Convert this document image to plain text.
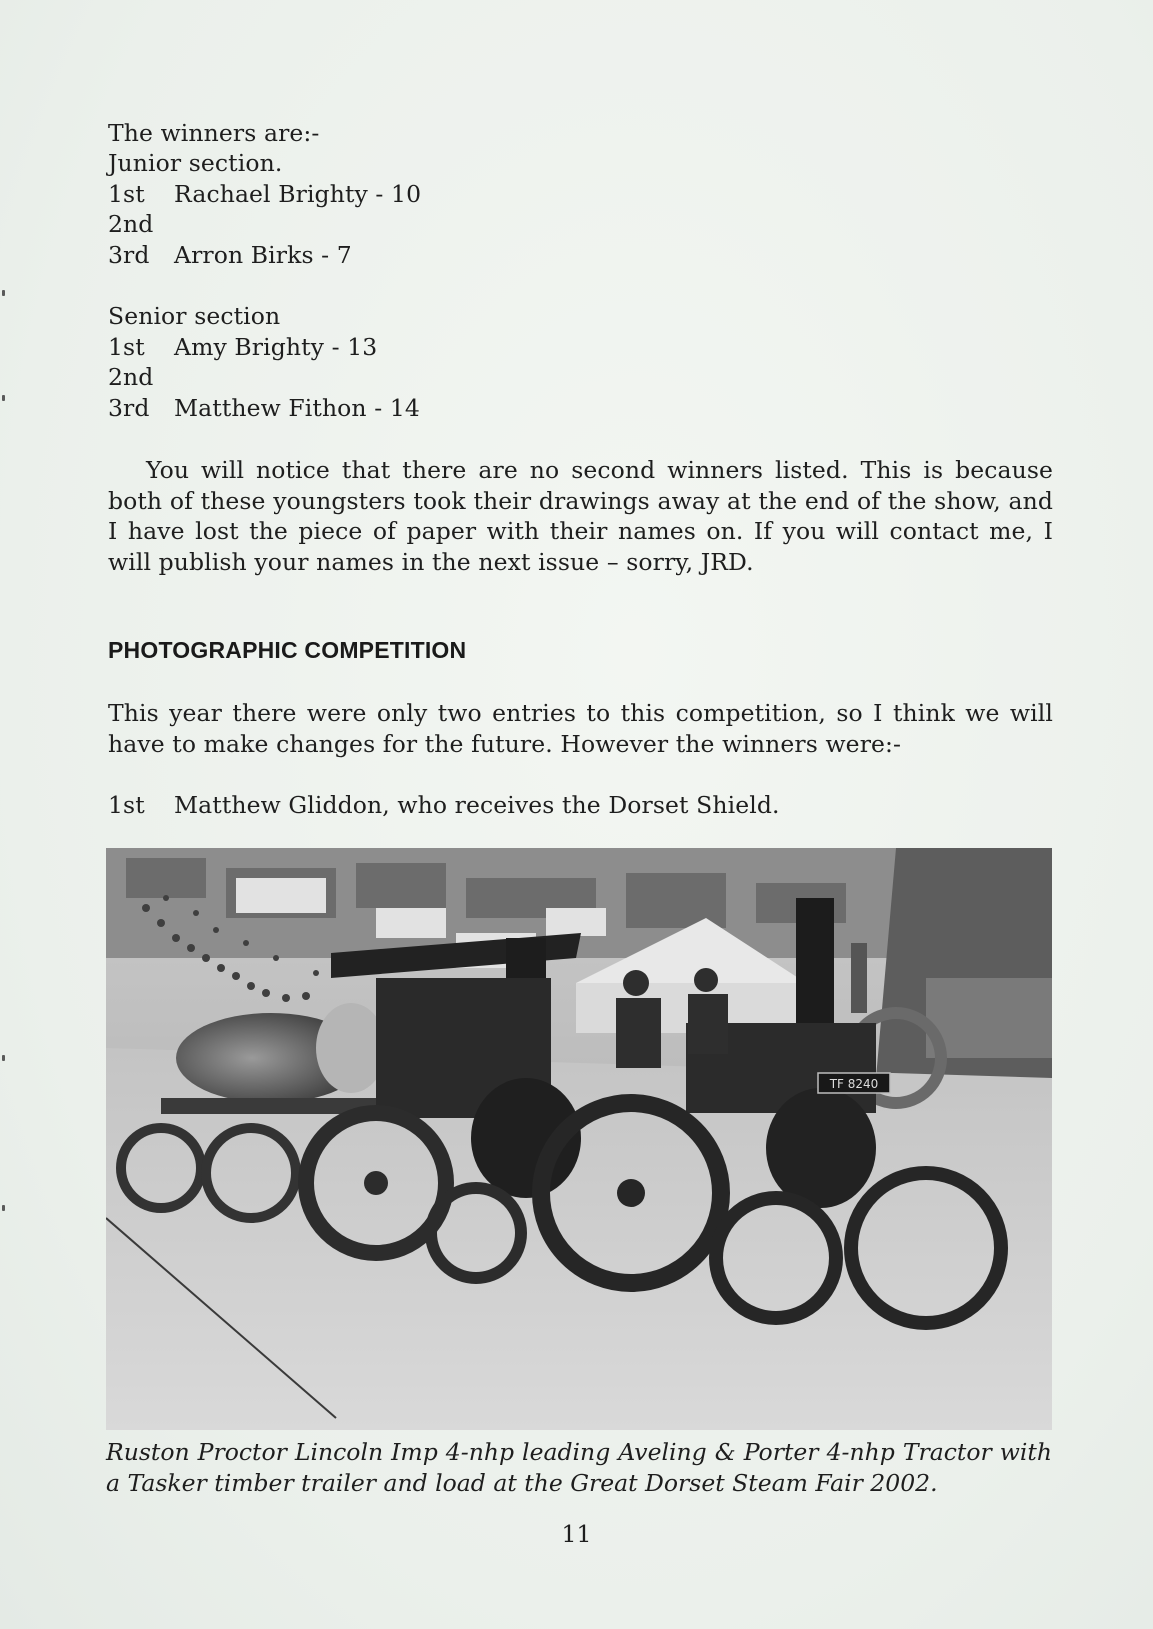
The winners are:-
Junior section.
1st	Rachael Brighty - 10
2nd
3rd	Arron Birks - 7
Senior section
1st	Amy Brighty - 13
2nd
3rd	Matthew Fithon - 14
You will notice that there are no second winners listed. This is because both of these youngsters took their drawings away at the end of the show, and I have lost the piece of paper with their names on. If you will contact me, I will publish your names in the next issue – sorry, JRD.
PHOTOGRAPHIC COMPETITION
This year there were only two entries to this competition, so I think we will have to make changes for the future. However the winners were:-
1st	Matthew Gliddon, who receives the Dorset Shield.
TF 8240
Ruston Proctor Lincoln Imp 4-nhp leading Aveling & Porter 4-nhp Tractor with a Tasker timber trailer and load at the Great Dorset Steam Fair 2002.
11
